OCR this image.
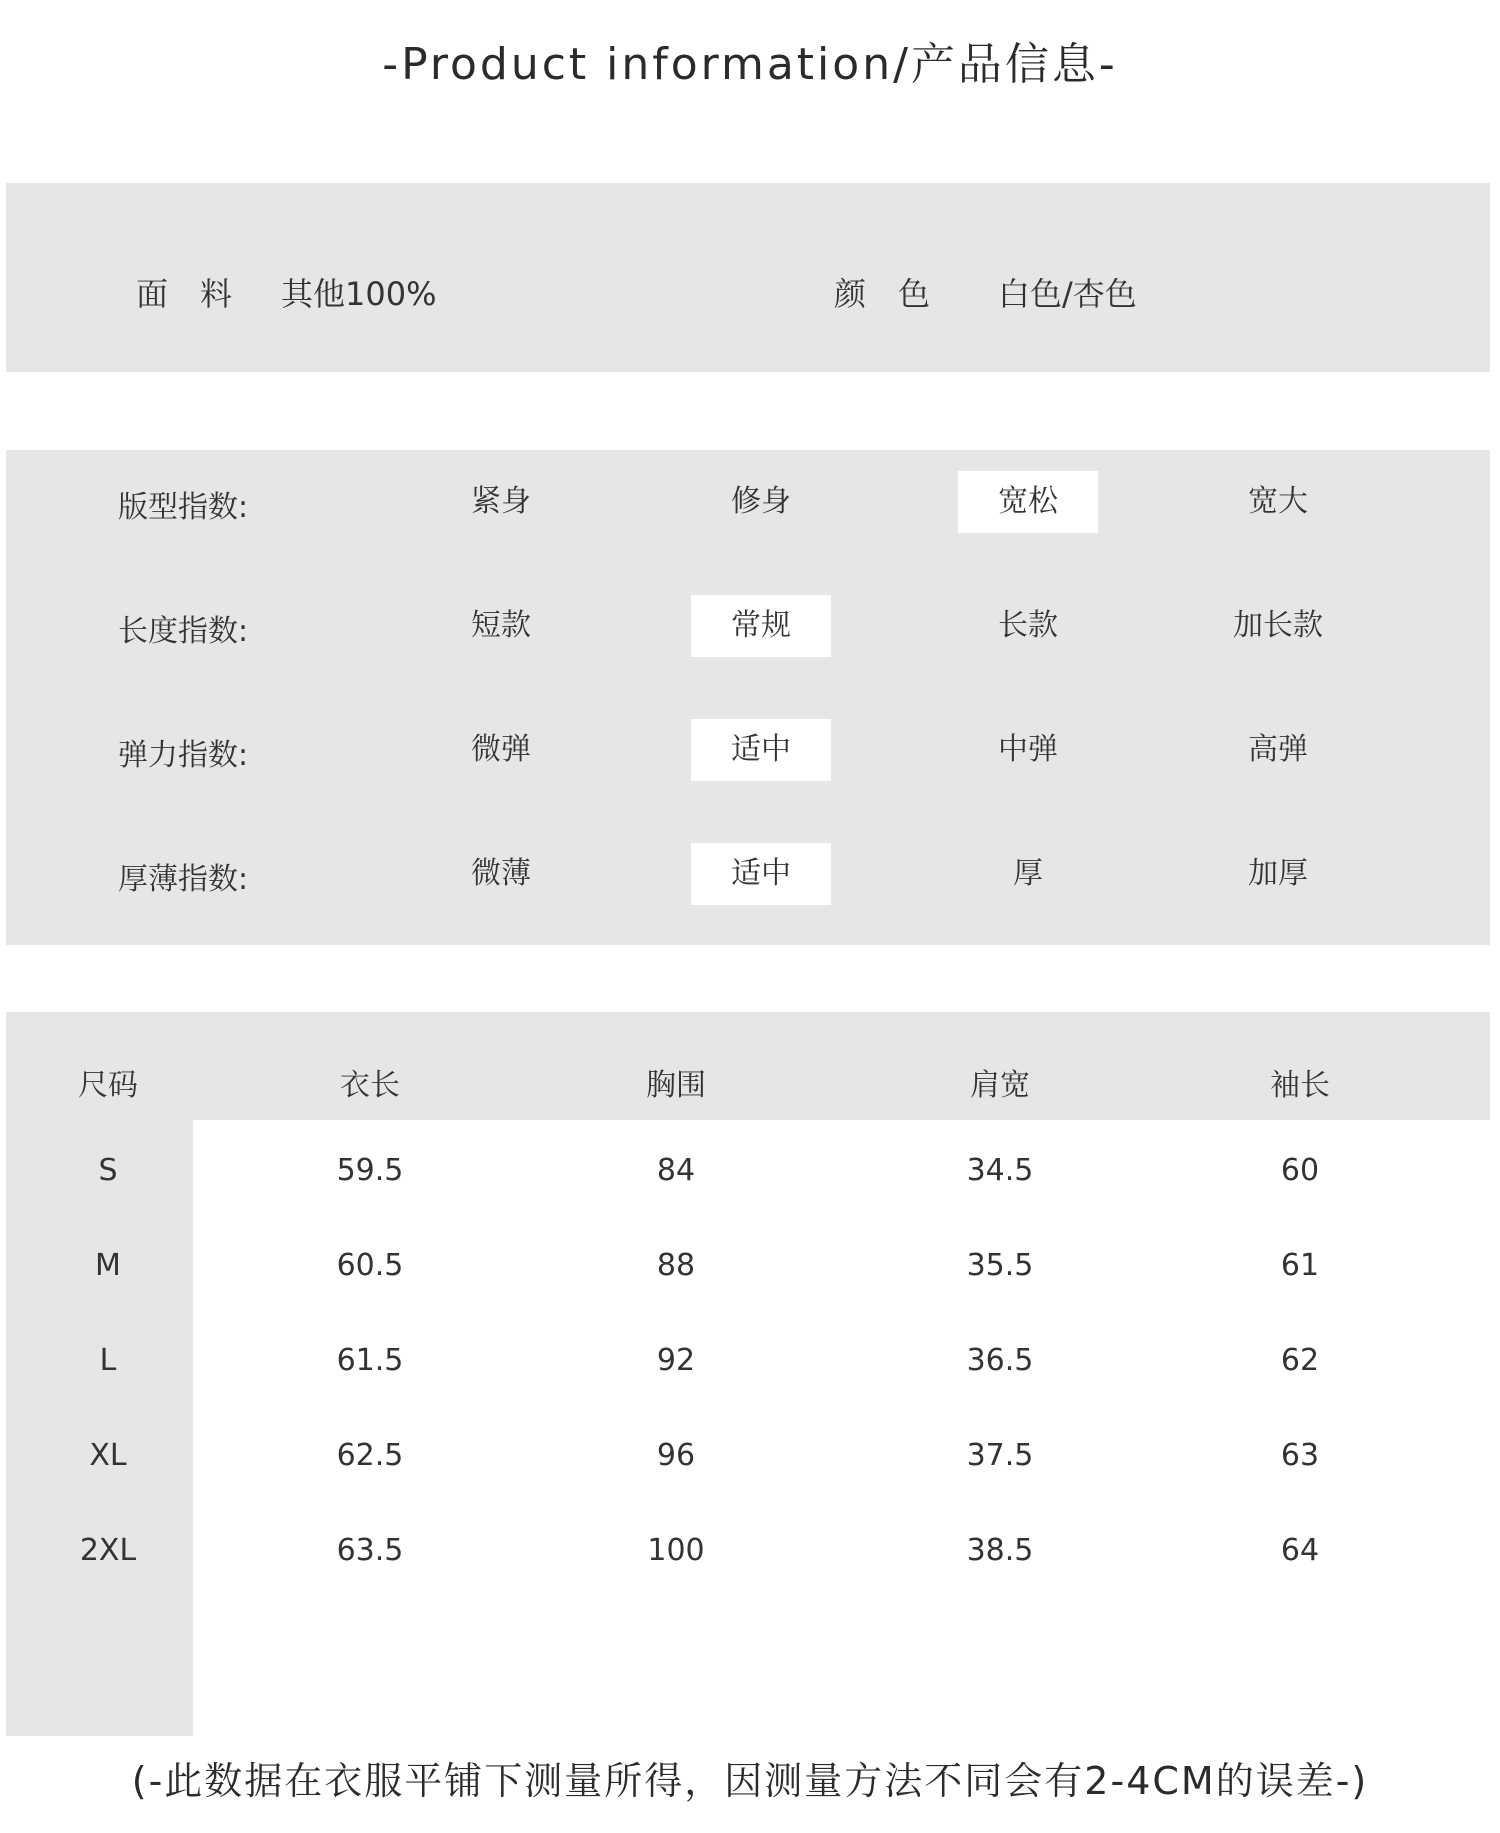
-Product information/产品信息-
面　料 其他100%	颜　色 白色/杏色
版型指数:	紧身	修身	宽松	宽大
长度指数:	短款	常规	长款	加长款
弹力指数:	微弹	适中	中弹	高弹
厚薄指数:	微薄	适中	厚	加厚
尺码	衣长	胸围	肩宽	袖长
S	59.5	84	34.5	60
M	60.5	88	35.5	61
L	61.5	92	36.5	62
XL	62.5	96	37.5	63
2XL	63.5	100	38.5	64
(-此数据在衣服平铺下测量所得，因测量方法不同会有2-4CM的误差-)
